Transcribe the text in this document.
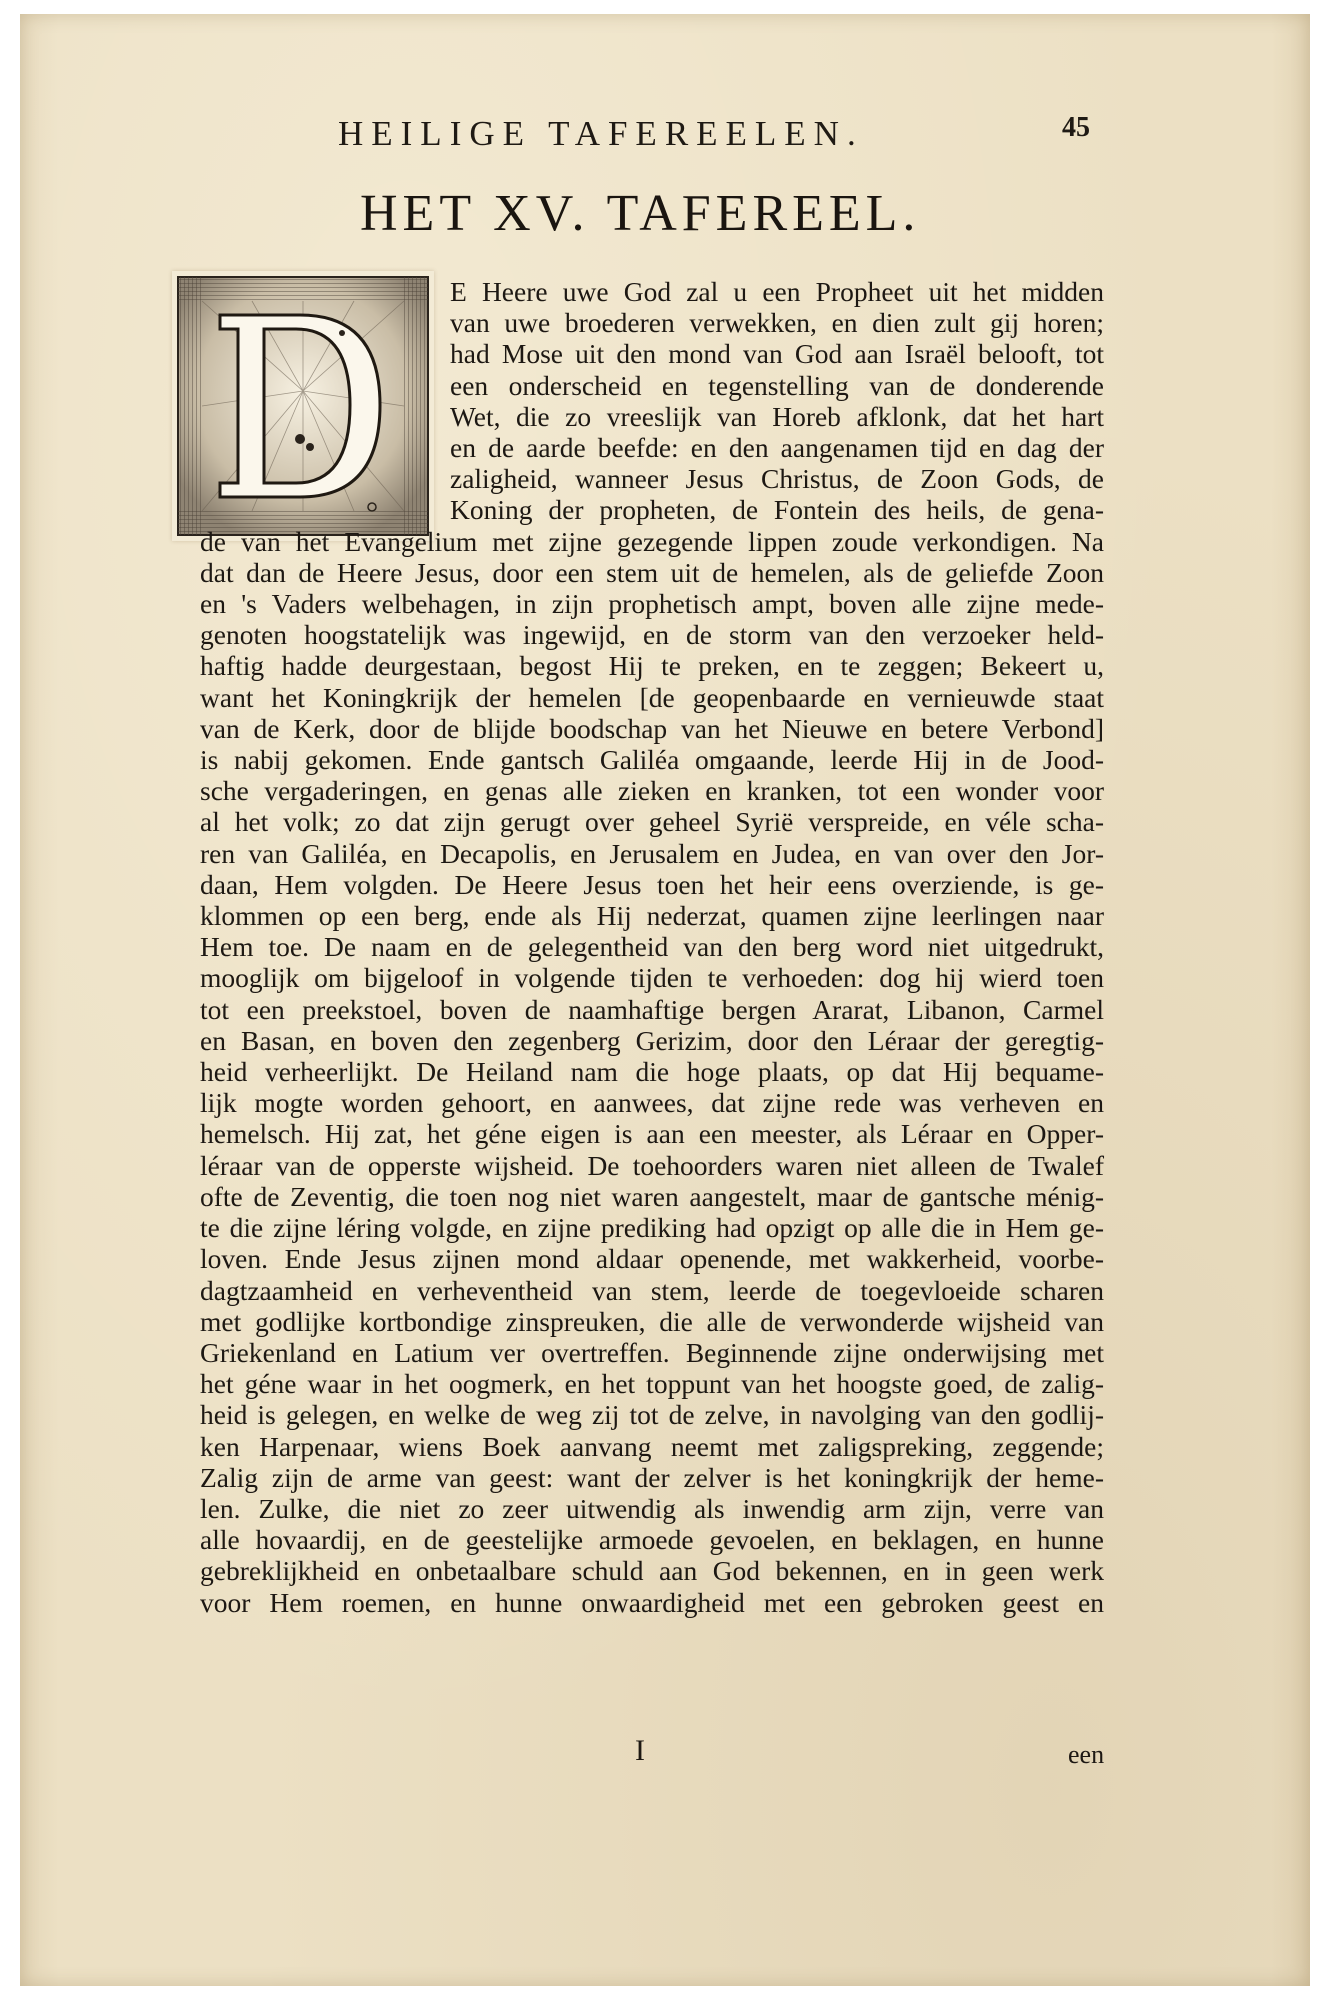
HEILIGE TAFEREELEN.	45
HET XV. TAFEREEL.
E Heere uwe God zal u een Propheet uit het midden
van uwe broederen verwekken, en dien zult gij horen;
had Mose uit den mond van God aan Israël belooft, tot
een onderscheid en tegenstelling van de donderende
Wet, die zo vreeslijk van Horeb afklonk, dat het hart
en de aarde beefde: en den aangenamen tijd en dag der
zaligheid, wanneer Jesus Christus, de Zoon Gods, de
Koning der propheten, de Fontein des heils, de gena-
de van het Evangelium met zijne gezegende lippen zoude verkondigen. Na
dat dan de Heere Jesus, door een stem uit de hemelen, als de geliefde Zoon
en 's Vaders welbehagen, in zijn prophetisch ampt, boven alle zijne mede-
genoten hoogstatelijk was ingewijd, en de storm van den verzoeker held-
haftig hadde deurgestaan, begost Hij te preken, en te zeggen; Bekeert u,
want het Koningkrijk der hemelen [de geopenbaarde en vernieuwde staat
van de Kerk, door de blijde boodschap van het Nieuwe en betere Verbond]
is nabij gekomen. Ende gantsch Galiléa omgaande, leerde Hij in de Jood-
sche vergaderingen, en genas alle zieken en kranken, tot een wonder voor
al het volk; zo dat zijn gerugt over geheel Syrië verspreide, en véle scha-
ren van Galiléa, en Decapolis, en Jerusalem en Judea, en van over den Jor-
daan, Hem volgden. De Heere Jesus toen het heir eens overziende, is ge-
klommen op een berg, ende als Hij nederzat, quamen zijne leerlingen naar
Hem toe. De naam en de gelegentheid van den berg word niet uitgedrukt,
mooglijk om bijgeloof in volgende tijden te verhoeden: dog hij wierd toen
tot een preekstoel, boven de naamhaftige bergen Ararat, Libanon, Carmel
en Basan, en boven den zegenberg Gerizim, door den Léraar der geregtig-
heid verheerlijkt. De Heiland nam die hoge plaats, op dat Hij bequame-
lijk mogte worden gehoort, en aanwees, dat zijne rede was verheven en
hemelsch. Hij zat, het géne eigen is aan een meester, als Léraar en Opper-
léraar van de opperste wijsheid. De toehoorders waren niet alleen de Twalef
ofte de Zeventig, die toen nog niet waren aangestelt, maar de gantsche ménig-
te die zijne léring volgde, en zijne prediking had opzigt op alle die in Hem ge-
loven. Ende Jesus zijnen mond aldaar openende, met wakkerheid, voorbe-
dagtzaamheid en verheventheid van stem, leerde de toegevloeide scharen
met godlijke kortbondige zinspreuken, die alle de verwonderde wijsheid van
Griekenland en Latium ver overtreffen. Beginnende zijne onderwijsing met
het géne waar in het oogmerk, en het toppunt van het hoogste goed, de zalig-
heid is gelegen, en welke de weg zij tot de zelve, in navolging van den godlij-
ken Harpenaar, wiens Boek aanvang neemt met zaligspreking, zeggende;
Zalig zijn de arme van geest: want der zelver is het koningkrijk der heme-
len. Zulke, die niet zo zeer uitwendig als inwendig arm zijn, verre van
alle hovaardij, en de geestelijke armoede gevoelen, en beklagen, en hunne
gebreklijkheid en onbetaalbare schuld aan God bekennen, en in geen werk
voor Hem roemen, en hunne onwaardigheid met een gebroken geest en
I	een
